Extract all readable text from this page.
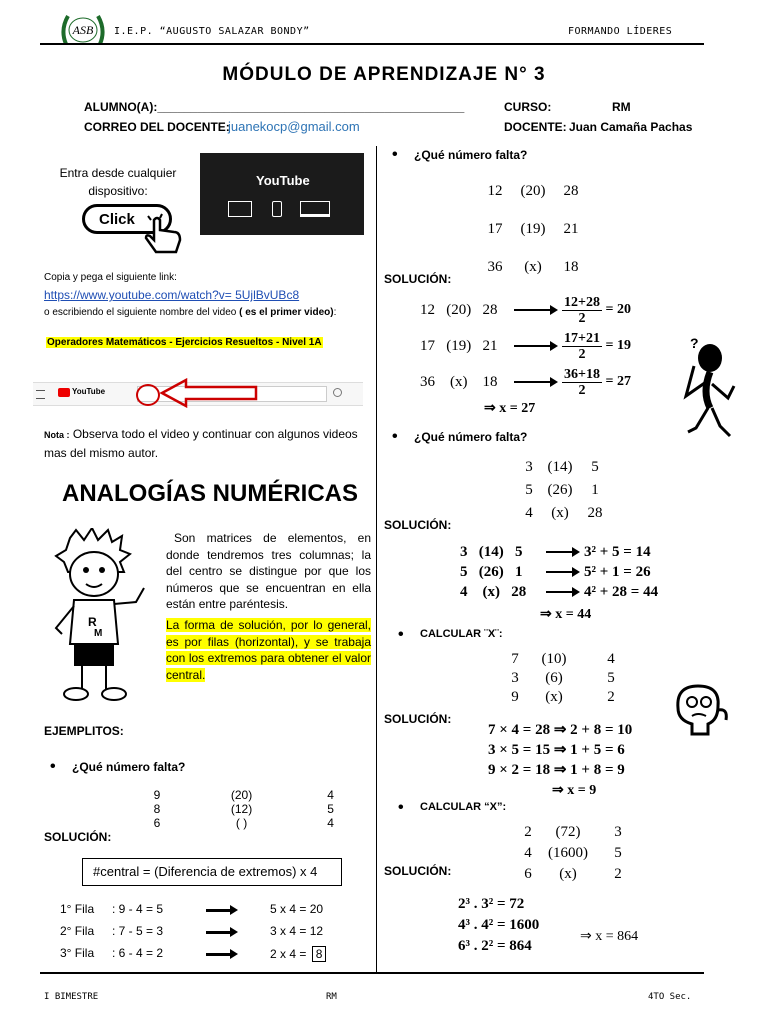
ASB I.E.P. “AUGUSTO SALAZAR BONDY”	FORMANDO LÍDERES
MÓDULO DE APRENDIZAJE N° 3
ALUMNO(A):______________________________________________	CURSO:	RM
CORREO DEL DOCENTE:
juanekocp@gmail.com	DOCENTE: Juan Camaña Pachas
Entra desde cualquier dispositivo:
Click
YouTube
Copia y pega el siguiente link:
https://www.youtube.com/watch?v= 5UjlBvUBc8
o escribiendo el siguiente nombre del video ( es el primer video):
Operadores Matemáticos - Ejercicios Resueltos - Nivel 1A
YouTube
Nota : Observa todo el video y continuar con algunos videos mas del mismo autor.
ANALOGÍAS NUMÉRICAS
R
M
Son matrices de elementos, en donde tendremos tres columnas; la del centro se distingue por que los números que se encuentran en ella están entre paréntesis.
La forma de solución, por lo general, es por filas (horizontal), y se trabaja con los extremos para obtener el valor central.
EJEMPLITOS:
• ¿Qué número falta?
9	(20)	4
8	(12)	5
6	( )	4
SOLUCIÓN:
#central = (Diferencia de extremos) x 4
1° Fila : 9 - 4 = 5	5 x 4 = 20
2° Fila : 7 - 5 = 3	3 x 4 = 12
3° Fila : 6 - 4 = 2	2 x 4 = 8
• ¿Qué número falta?
12	(20)	28
17	(19)	21
36	(x)	18
SOLUCIÓN:
12   (20)   28	$\frac{12+28}{2} = 20$
17   (19)   21	$\frac{17+21}{2} = 19$
36    (x)    18	$\frac{36+18}{2} = 27$
⇒ x = 27
?
• ¿Qué número falta?
3 (14)	5
5 (26)	1
4	(x)	28
SOLUCIÓN:
3   (14)   5	3² + 5 = 14
5   (26)   1	5² + 1 = 26
4    (x)   28	4² + 28 = 44
⇒ x = 44
• CALCULAR ¨X¨:
7	(10)	4
3	(6)	5
9	(x)	2
SOLUCIÓN:
7 × 4 = 28 ⇒ 2 + 8 = 10
3 × 5 = 15 ⇒ 1 + 5 = 6
9 × 2 = 18 ⇒ 1 + 8 = 9
⇒ x = 9
• CALCULAR “X”:
2	(72)	3
4	(1600)	5
6	(x)	2
SOLUCIÓN:
2³ . 3² = 72
4³ . 4² = 1600
6³ . 2² = 864
⇒ x = 864
I BIMESTRE	RM	4TO Sec.
